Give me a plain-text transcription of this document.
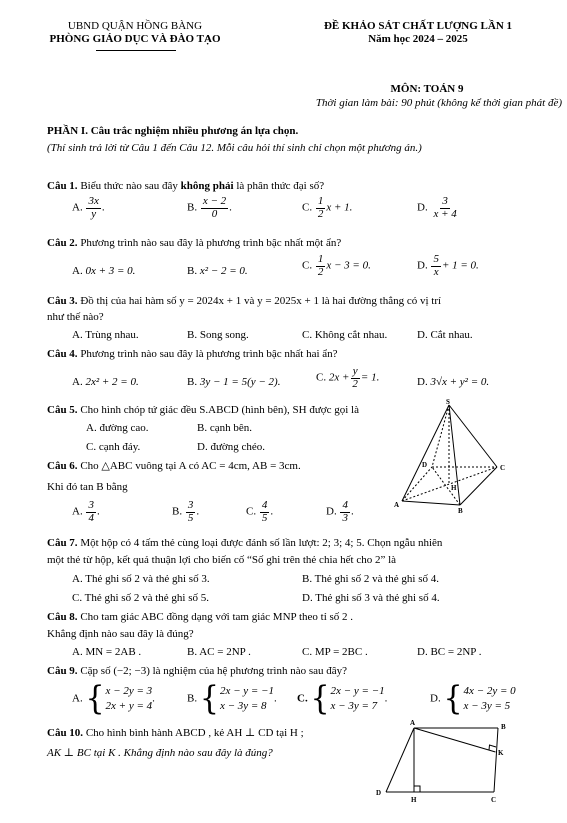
UBND QUẬN HỒNG BÀNG
PHÒNG GIÁO DỤC VÀ ĐÀO TẠO
ĐỀ KHẢO SÁT CHẤT LƯỢNG LẦN 1
Năm học 2024 – 2025
MÔN: TOÁN 9
Thời gian làm bài: 90 phút (không kể thời gian phát đề)
PHẦN I. Câu trắc nghiệm nhiều phương án lựa chọn.
(Thí sinh trả lời từ Câu 1 đến Câu 12. Mỗi câu hỏi thí sinh chỉ chọn một phương án.)
Câu 1. Biểu thức nào sau đây không phải là phân thức đại số?
A. $\frac{3x}{y}$ .	B. $\frac{x - 2}{0}$ .	C. $\frac{1}{2}$ x + 1.	D. $\frac{3}{x + 4}$
Câu 2. Phương trình nào sau đây là phương trình bậc nhất một ẩn?
A. 0x + 3 = 0.	B. x² − 2 = 0.	C. $\frac{1}{2}$ x − 3 = 0.	D. $\frac{5}{x} + 1 = 0$.
Câu 3. Đồ thị của hai hàm số y = 2024x + 1 và y = 2025x + 1 là hai đường thẳng có vị trí
như thế nào?
A. Trùng nhau.	B. Song song.	C. Không cắt nhau.	D. Cắt nhau.
Câu 4. Phương trình nào sau đây là phương trình bậc nhất hai ẩn?
A. 2x² + 2 = 0.	B. 3y − 1 = 5(y − 2).	C. $2x + \frac{y}{2} = 1$.	D. 3√x + y² = 0.
Câu 5. Cho hình chóp tứ giác đều S.ABCD (hình bên), SH được gọi là
A. đường cao.	B. cạnh bên.
C. cạnh đáy.	D. đường chéo.
Câu 6. Cho △ABC vuông tại A có AC = 4cm, AB = 3cm.
Khi đó tan B bằng
A. $\frac{3}{4}$ .	B. $\frac{3}{5}$ .	C. $\frac{4}{5}$ .	D. $\frac{4}{3}$ .
S
A
B
C
D
H
Câu 7. Một hộp có 4 tấm thẻ cùng loại được đánh số lần lượt: 2; 3; 4; 5. Chọn ngẫu nhiên
một thẻ từ hộp, kết quả thuận lợi cho biến cố “Số ghi trên thẻ chia hết cho 2” là
A. Thẻ ghi số 2 và thẻ ghi số 3.	B. Thẻ ghi số 2 và thẻ ghi số 4.
C. Thẻ ghi số 2 và thẻ ghi số 5.	D. Thẻ ghi số 3 và thẻ ghi số 4.
Câu 8. Cho tam giác ABC đồng dạng với tam giác MNP theo tỉ số 2 .
Khẳng định nào sau đây là đúng?
A. MN = 2AB .	B. AC = 2NP .	C. MP = 2BC .	D. BC = 2NP .
Câu 9. Cặp số (−2; −3) là nghiệm của hệ phương trình nào sau đây?
A. { x − 2y = 3
2x + y = 4
.	B. { 2x − y = −1
x − 3y = 8
. C. { 2x − y = −1
x − 3y = 7
.	D. { 4x − 2y = 0
x − 3y = 5
Câu 10. Cho hình bình hành ABCD , kẻ AH ⊥ CD tại H ;
AK ⊥ BC tại K . Khẳng định nào sau đây là đúng?
A	B
C
D
H
K
